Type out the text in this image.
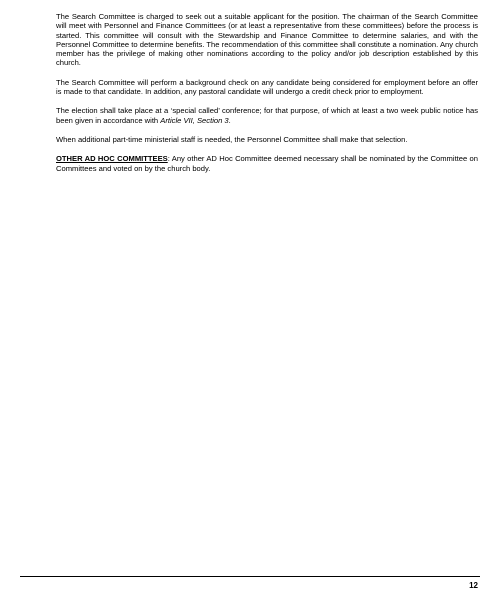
The Search Committee is charged to seek out a suitable applicant for the position. The chairman of the Search Committee will meet with Personnel and Finance Committees (or at least a representative from these committees) before the process is started. This committee will consult with the Stewardship and Finance Committee to determine salaries, and with the Personnel Committee to determine benefits. The recommendation of this committee shall constitute a nomination. Any church member has the privilege of making other nominations according to the policy and/or job description established by this church.

The Search Committee will perform a background check on any candidate being considered for employment before an offer is made to that candidate. In addition, any pastoral candidate will undergo a credit check prior to employment.

The election shall take place at a ‘special called’ conference; for that purpose, of which at least a two week public notice has been given in accordance with Article VII, Section 3.

When additional part-time ministerial staff is needed, the Personnel Committee shall make that selection.

OTHER AD HOC COMMITTEES: Any other AD Hoc Committee deemed necessary shall be nominated by the Committee on Committees and voted on by the church body.

12
